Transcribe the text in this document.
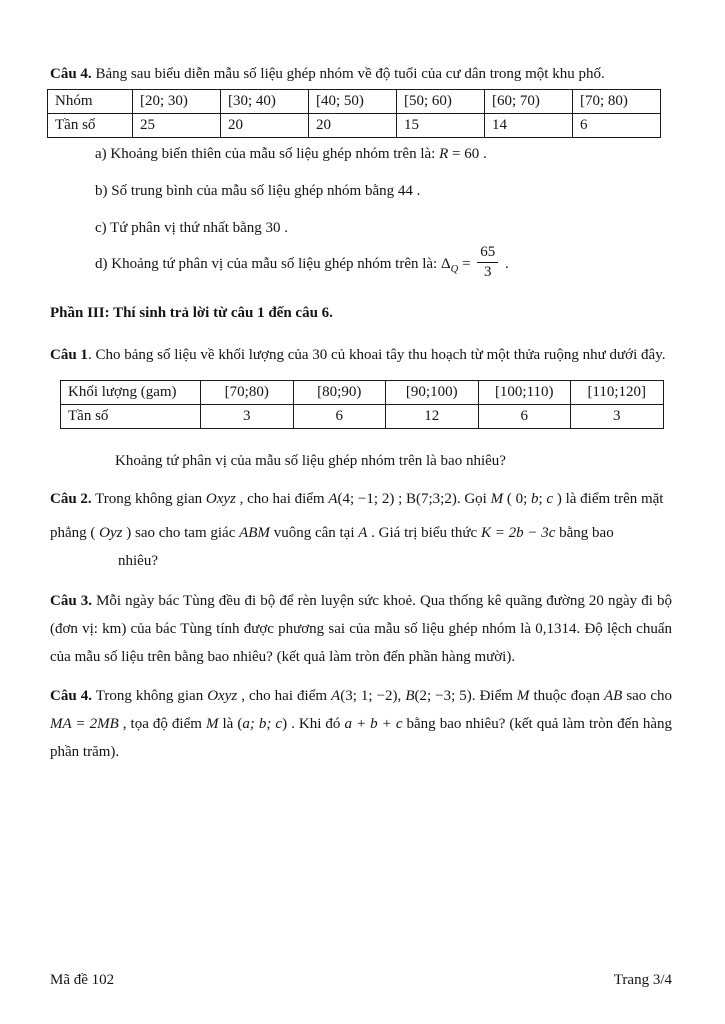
Câu 4. Bảng sau biểu diễn mẫu số liệu ghép nhóm về độ tuổi của cư dân trong một khu phố.

Nhóm	[20; 30)	[30; 40)	[40; 50)	[50; 60)	[60; 70)	[70; 80)
Tần số	25	20	20	15	14	6

a) Khoảng biến thiên của mẫu số liệu ghép nhóm trên là: R = 60 .

b) Số trung bình của mẫu số liệu ghép nhóm bằng 44 .

c) Tứ phân vị thứ nhất bằng 30 .

d) Khoảng tứ phân vị của mẫu số liệu ghép nhóm trên là: $\Delta_Q = \frac{65}{3}$ .

Phần III: Thí sinh trả lời từ câu 1 đến câu 6.

Câu 1. Cho bảng số liệu về khối lượng của 30 củ khoai tây thu hoạch từ một thửa ruộng như dưới đây.

Khối lượng (gam)	[70;80)	[80;90)	[90;100)	[100;110)	[110;120]
Tần số	3	6	12	6	3

Khoảng tứ phân vị của mẫu số liệu ghép nhóm trên là bao nhiêu?

Câu 2. Trong không gian Oxyz , cho hai điểm A(4; −1; 2) ; B(7;3;2). Gọi M ( 0; b; c ) là điểm trên mặt

phẳng ( Oyz ) sao cho tam giác ABM vuông cân tại A . Giá trị biểu thức K = 2b − 3c bằng bao
nhiêu?

Câu 3. Mỗi ngày bác Tùng đều đi bộ để rèn luyện sức khoẻ. Qua thống kê quãng đường 20 ngày đi bộ (đơn vị: km) của bác Tùng tính được phương sai của mẫu số liệu ghép nhóm là 0,1314. Độ lệch chuẩn của mẫu số liệu trên bằng bao nhiêu? (kết quả làm tròn đến phần hàng mười).

Câu 4. Trong không gian Oxyz , cho hai điểm A(3; 1; −2), B(2; −3; 5). Điểm M thuộc đoạn AB sao cho MA = 2MB , tọa độ điểm M là (a; b; c) . Khi đó a + b + c bằng bao nhiêu? (kết quả làm tròn đến hàng phần trăm).

Mã đề 102	Trang 3/4
